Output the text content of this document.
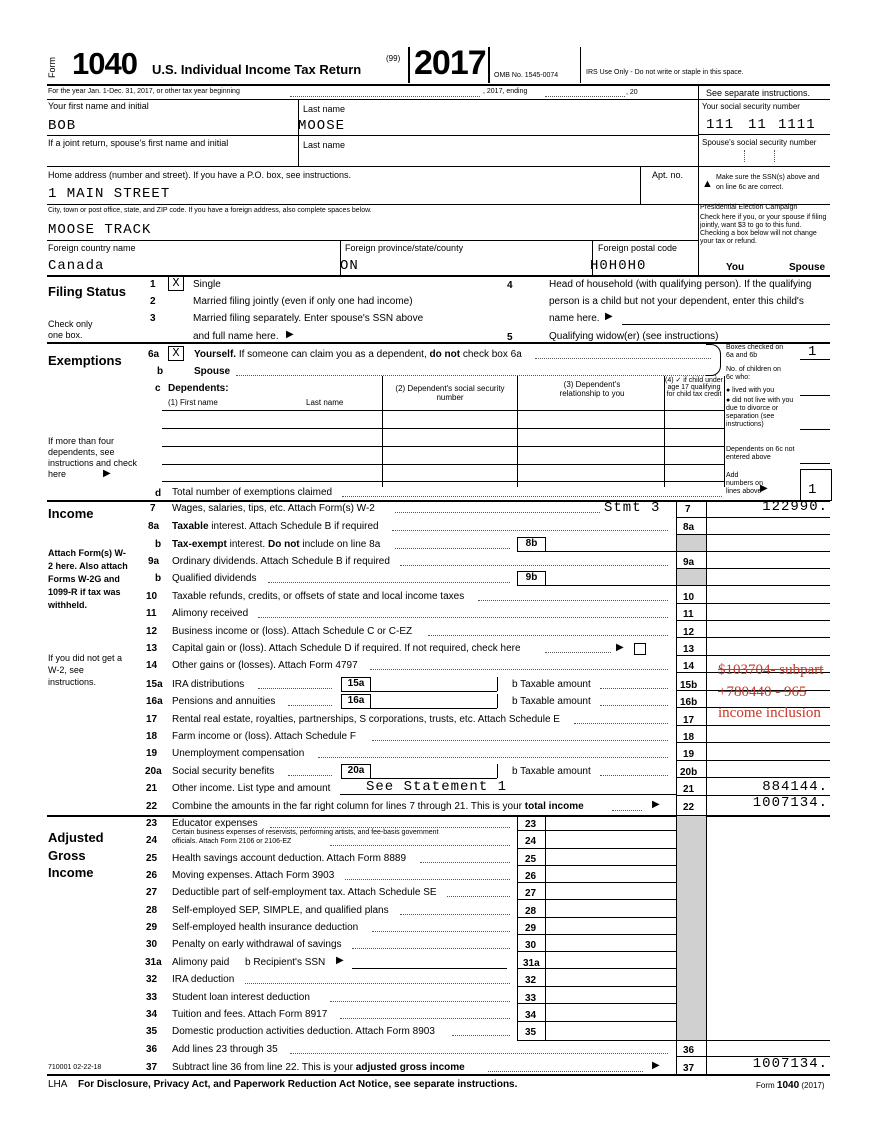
Form 1040 U.S. Individual Income Tax Return
(99) 2017 OMB No. 1545-0074	IRS Use Only - Do not write or staple in this space.
For the year Jan. 1-Dec. 31, 2017, or other tax year beginning	, 2017, ending	, 20	See separate instructions.
Your first name and initial
BOB
Last name
MOOSE
Your social security number
111 11 1111
If a joint return, spouse's first name and initial	Last name	Spouse's social security number
Home address (number and street). If you have a P.O. box, see instructions.
1 MAIN STREET
Apt. no.
▲
Make sure the SSN(s) above and on line 6c are correct.
City, town or post office, state, and ZIP code. If you have a foreign address, also complete spaces below.
MOOSE TRACK
Presidential Election Campaign
Check here if you, or your spouse if filing jointly, want $3 to go to this fund. Checking a box below will not change your tax or refund.
Foreign country name
Canada
Foreign province/state/county
ON
Foreign postal code
H0H0H0	You	Spouse
Filing Status
Check only
one box.
1	X	Single
2	Married filing jointly (even if only one had income)
3	Married filing separately. Enter spouse's SSN above
and full name here. ▶
4	Head of household (with qualifying person). If the qualifying
person is a child but not your dependent, enter this child's
name here. ▶
5	Qualifying widow(er) (see instructions)
Exemptions	6a	X	Yourself. If someone can claim you as a dependent, do not check box 6a
b	Spouse
Boxes checked on 6a and 6b	1
No. of children on 6c who:
● lived with you
● did not live with you due to divorce or separation (see instructions)
Dependents on 6c not entered above
Add numbers on lines above
▶	1
c Dependents:
(1) First name	Last name
(2) Dependent's social security number
(3) Dependent's relationship to you
(4) ✓ if child under age 17 qualifying for child tax credit
If more than four dependents, see instructions and check here	▶
d Total number of exemptions claimed
Income
Attach Form(s) W-2 here. Also attach Forms W-2G and 1099-R if tax was withheld.
If you did not get a W-2, see instructions.
7 Wages, salaries, tips, etc. Attach Form(s) W-2	Stmt 3 7	122990.
8a Taxable interest. Attach Schedule B if required	8a
b Tax-exempt interest. Do not include on line 8a	8b
9a Ordinary dividends. Attach Schedule B if required	9a
b Qualified dividends	9b
10 Taxable refunds, credits, or offsets of state and local income taxes	10
11 Alimony received	11
12 Business income or (loss). Attach Schedule C or C-EZ	12
13 Capital gain or (loss). Attach Schedule D if required. If not required, check here	▶	13
14 Other gains or (losses). Attach Form 4797	14
15a IRA distributions	15a	b Taxable amount	15b
16a Pensions and annuities	16a	b Taxable amount	16b
17 Rental real estate, royalties, partnerships, S corporations, trusts, etc. Attach Schedule E	17
18 Farm income or (loss). Attach Schedule F	18
19 Unemployment compensation	19
20a Social security benefits	20a	b Taxable amount	20b
21 Other income. List type and amount	See Statement 1	21	884144.
22 Combine the amounts in the far right column for lines 7 through 21. This is your total income	▶ 22	1007134.
$103704- subpart
+780440 - 965
income inclusion
Adjusted
Gross
Income
23 Educator expenses	23
24
Certain business expenses of reservists, performing artists, and fee-basis government
officials. Attach Form 2106 or 2106-EZ	24
25 Health savings account deduction. Attach Form 8889	25
26 Moving expenses. Attach Form 3903	26
27 Deductible part of self-employment tax. Attach Schedule SE	27
28 Self-employed SEP, SIMPLE, and qualified plans	28
29 Self-employed health insurance deduction	29
30 Penalty on early withdrawal of savings	30
31a Alimony paid b Recipient's SSN ▶	31a
32 IRA deduction	32
33 Student loan interest deduction	33
34 Tuition and fees. Attach Form 8917	34
35 Domestic production activities deduction. Attach Form 8903	35
36 Add lines 23 through 35	36
710001 02-22-18	37 Subtract line 36 from line 22. This is your adjusted gross income	▶ 37	1007134.
LHA For Disclosure, Privacy Act, and Paperwork Reduction Act Notice, see separate instructions.	Form 1040 (2017)
